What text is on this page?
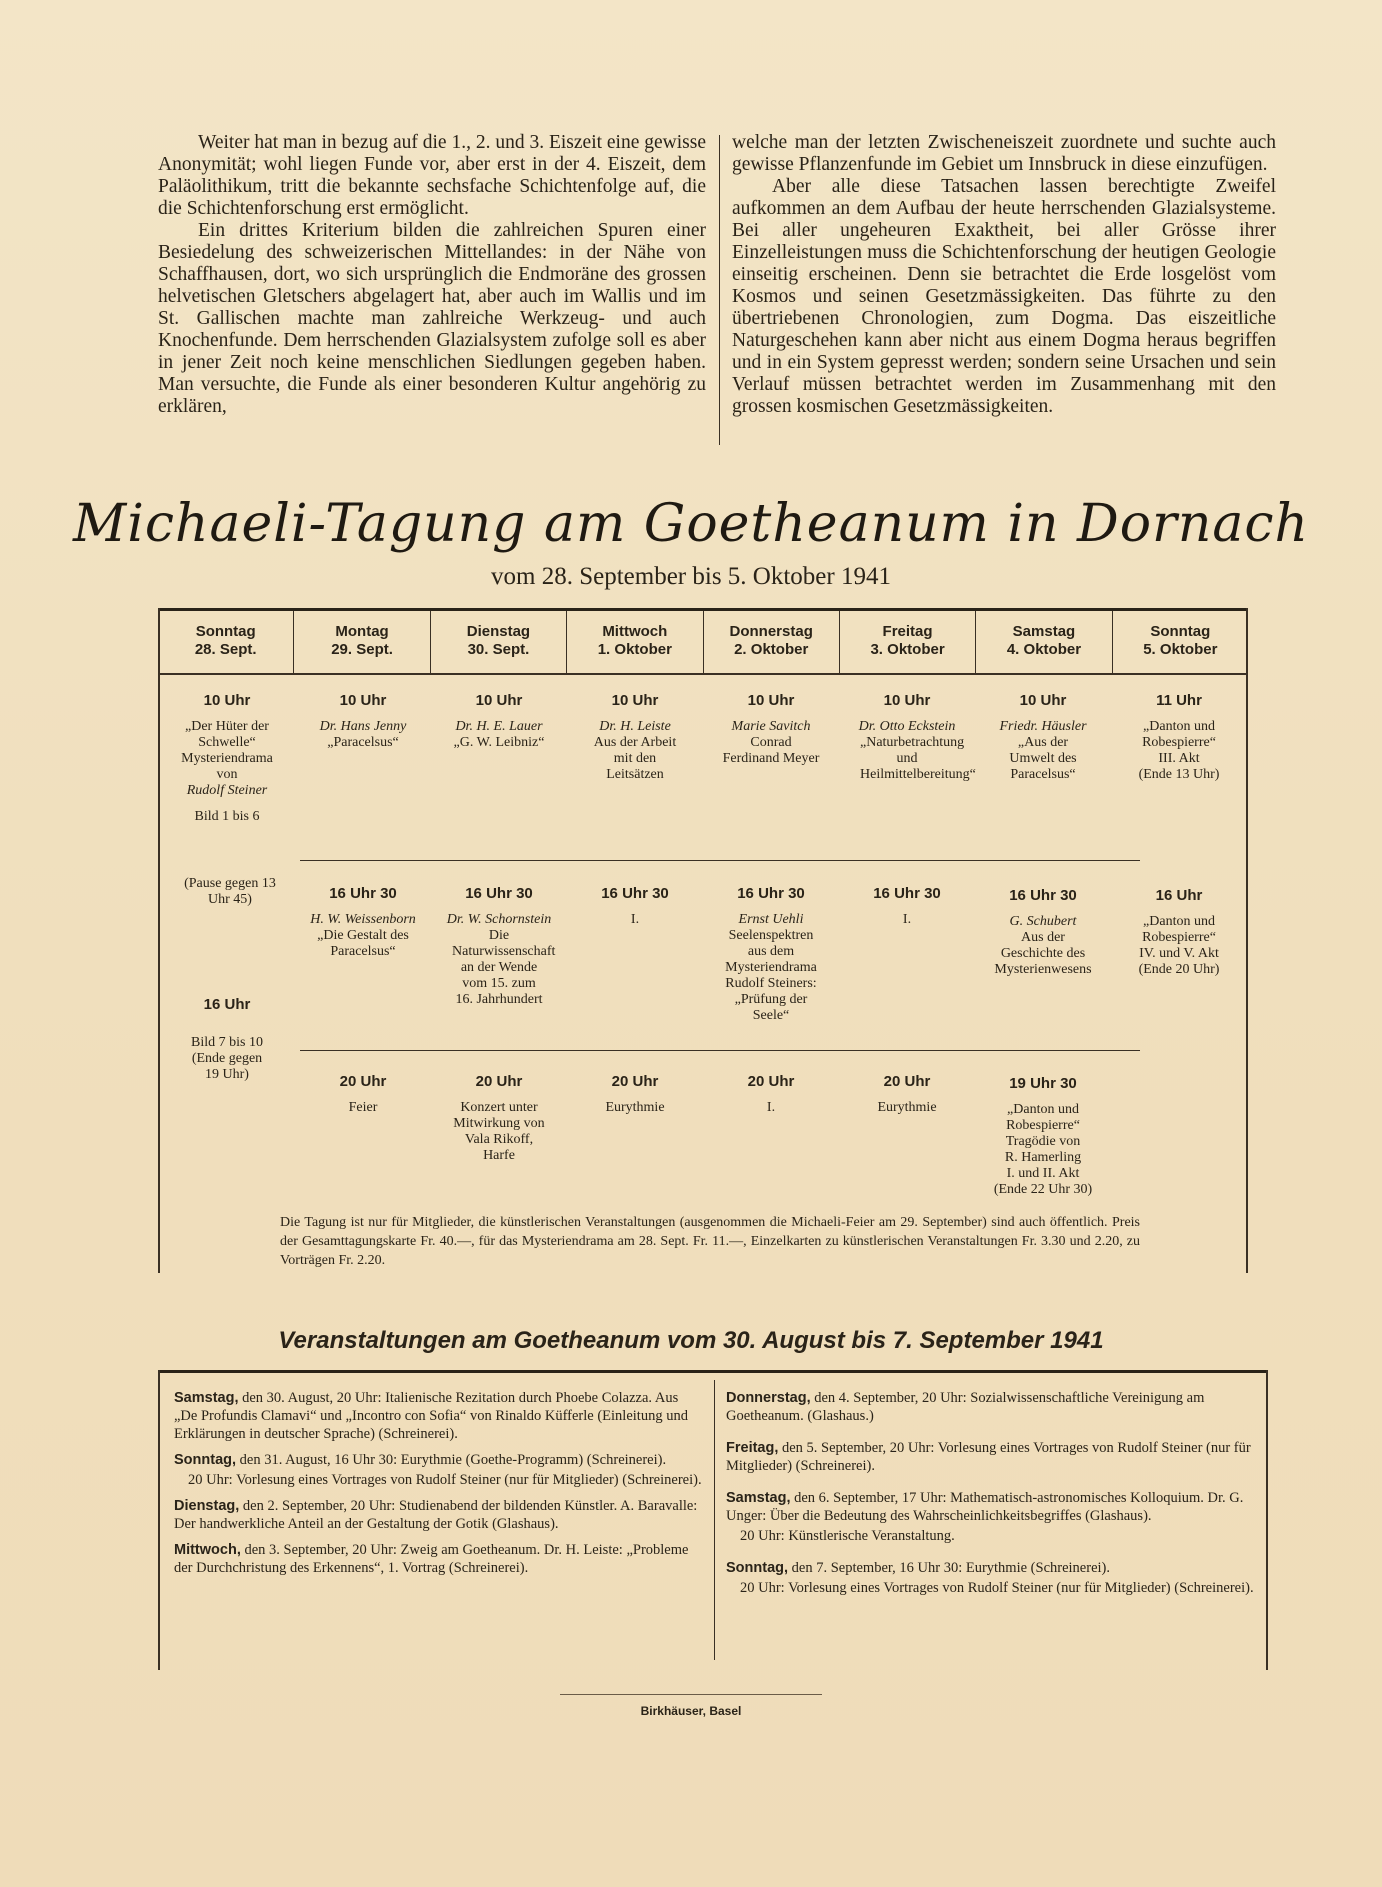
Weiter hat man in bezug auf die 1., 2. und 3. Eiszeit eine gewisse Anonymität; wohl liegen Funde vor, aber erst in der 4. Eiszeit, dem Paläolithikum, tritt die bekannte sechsfache Schichtenfolge auf, die die Schichtenforschung erst ermöglicht.

Ein drittes Kriterium bilden die zahlreichen Spuren einer Besiedelung des schweizerischen Mittellandes: in der Nähe von Schaffhausen, dort, wo sich ursprünglich die Endmoräne des grossen helvetischen Gletschers abgelagert hat, aber auch im Wallis und im St. Gallischen machte man zahlreiche Werkzeug- und auch Knochenfunde. Dem herrschenden Glazialsystem zufolge soll es aber in jener Zeit noch keine menschlichen Siedlungen gegeben haben. Man versuchte, die Funde als einer besonderen Kultur angehörig zu erklären,

welche man der letzten Zwischeneiszeit zuordnete und suchte auch gewisse Pflanzenfunde im Gebiet um Innsbruck in diese einzufügen.

Aber alle diese Tatsachen lassen berechtigte Zweifel aufkommen an dem Aufbau der heute herrschenden Glazialsysteme. Bei aller ungeheuren Exaktheit, bei aller Grösse ihrer Einzelleistungen muss die Schichtenforschung der heutigen Geologie einseitig erscheinen. Denn sie betrachtet die Erde losgelöst vom Kosmos und seinen Gesetzmässigkeiten. Das führte zu den übertriebenen Chronologien, zum Dogma. Das eiszeitliche Naturgeschehen kann aber nicht aus einem Dogma heraus begriffen und in ein System gepresst werden; sondern seine Ursachen und sein Verlauf müssen betrachtet werden im Zusammenhang mit den grossen kosmischen Gesetzmässigkeiten.

Michaeli-Tagung am Goetheanum in Dornach
vom 28. September bis 5. Oktober 1941
Sonntag
28. Sept.
Montag
29. Sept.
Dienstag
30. Sept.
Mittwoch
1. Oktober
Donnerstag
2. Oktober
Freitag
3. Oktober
Samstag
4. Oktober
Sonntag
5. Oktober
10 Uhr
„Der Hüter der Schwelle“
Mysteriendrama
von
Rudolf Steiner
Bild 1 bis 6
10 Uhr
Dr. Hans Jenny
„Paracelsus“
10 Uhr
Dr. H. E. Lauer
„G. W. Leibniz“
10 Uhr
Dr. H. Leiste
Aus der Arbeit mit den Leitsätzen
10 Uhr
Marie Savitch
Conrad Ferdinand Meyer
10 Uhr
Dr. Otto Eckstein
„Naturbetrachtung und Heilmittelbereitung“
10 Uhr
Friedr. Häusler
„Aus der Umwelt des Paracelsus“
11 Uhr
„Danton und Robespierre“
III. Akt
(Ende 13 Uhr)
(Pause gegen 13 Uhr 45)
16 Uhr
Bild 7 bis 10
(Ende gegen 19 Uhr)
16 Uhr 30
H. W. Weissenborn
„Die Gestalt des Paracelsus“
16 Uhr 30
Dr. W. Schornstein
Die Naturwissenschaft an der Wende vom 15. zum 16. Jahrhundert
16 Uhr 30
I.
16 Uhr 30
Ernst Uehli
Seelenspektren aus dem Mysteriendrama Rudolf Steiners: „Prüfung der Seele“
16 Uhr 30
I.
16 Uhr 30
G. Schubert
Aus der Geschichte des Mysterienwesens
16 Uhr
„Danton und Robespierre“
IV. und V. Akt
(Ende 20 Uhr)
20 Uhr
Feier
20 Uhr
Konzert unter Mitwirkung von Vala Rikoff, Harfe
20 Uhr
Eurythmie
20 Uhr
I.
20 Uhr
Eurythmie
19 Uhr 30
„Danton und Robespierre“
Tragödie von R. Hamerling
I. und II. Akt
(Ende 22 Uhr 30)
Die Tagung ist nur für Mitglieder, die künstlerischen Veranstaltungen (ausgenommen die Michaeli-Feier am 29. September) sind auch öffentlich. Preis der Gesamttagungskarte Fr. 40.—, für das Mysteriendrama am 28. Sept. Fr. 11.—, Einzelkarten zu künstlerischen Veranstaltungen Fr. 3.30 und 2.20, zu Vorträgen Fr. 2.20.
Veranstaltungen am Goetheanum vom 30. August bis 7. September 1941

Samstag, den 30. August, 20 Uhr: Italienische Rezitation durch Phoebe Colazza. Aus „De Profundis Clamavi“ und „Incontro con Sofia“ von Rinaldo Küfferle (Einleitung und Erklärungen in deutscher Sprache) (Schreinerei).

Sonntag, den 31. August, 16 Uhr 30: Eurythmie (Goethe-Programm) (Schreinerei).

20 Uhr: Vorlesung eines Vortrages von Rudolf Steiner (nur für Mitglieder) (Schreinerei).

Dienstag, den 2. September, 20 Uhr: Studienabend der bildenden Künstler. A. Baravalle: Der handwerkliche Anteil an der Gestaltung der Gotik (Glashaus).

Mittwoch, den 3. September, 20 Uhr: Zweig am Goetheanum. Dr. H. Leiste: „Probleme der Durchchristung des Erkennens“, 1. Vortrag (Schreinerei).

Donnerstag, den 4. September, 20 Uhr: Sozialwissenschaftliche Vereinigung am Goetheanum. (Glashaus.)

Freitag, den 5. September, 20 Uhr: Vorlesung eines Vortrages von Rudolf Steiner (nur für Mitglieder) (Schreinerei).

Samstag, den 6. September, 17 Uhr: Mathematisch-astronomisches Kolloquium. Dr. G. Unger: Über die Bedeutung des Wahrscheinlichkeitsbegriffes (Glashaus).

20 Uhr: Künstlerische Veranstaltung.

Sonntag, den 7. September, 16 Uhr 30: Eurythmie (Schreinerei).

20 Uhr: Vorlesung eines Vortrages von Rudolf Steiner (nur für Mitglieder) (Schreinerei).

Birkhäuser, Basel
